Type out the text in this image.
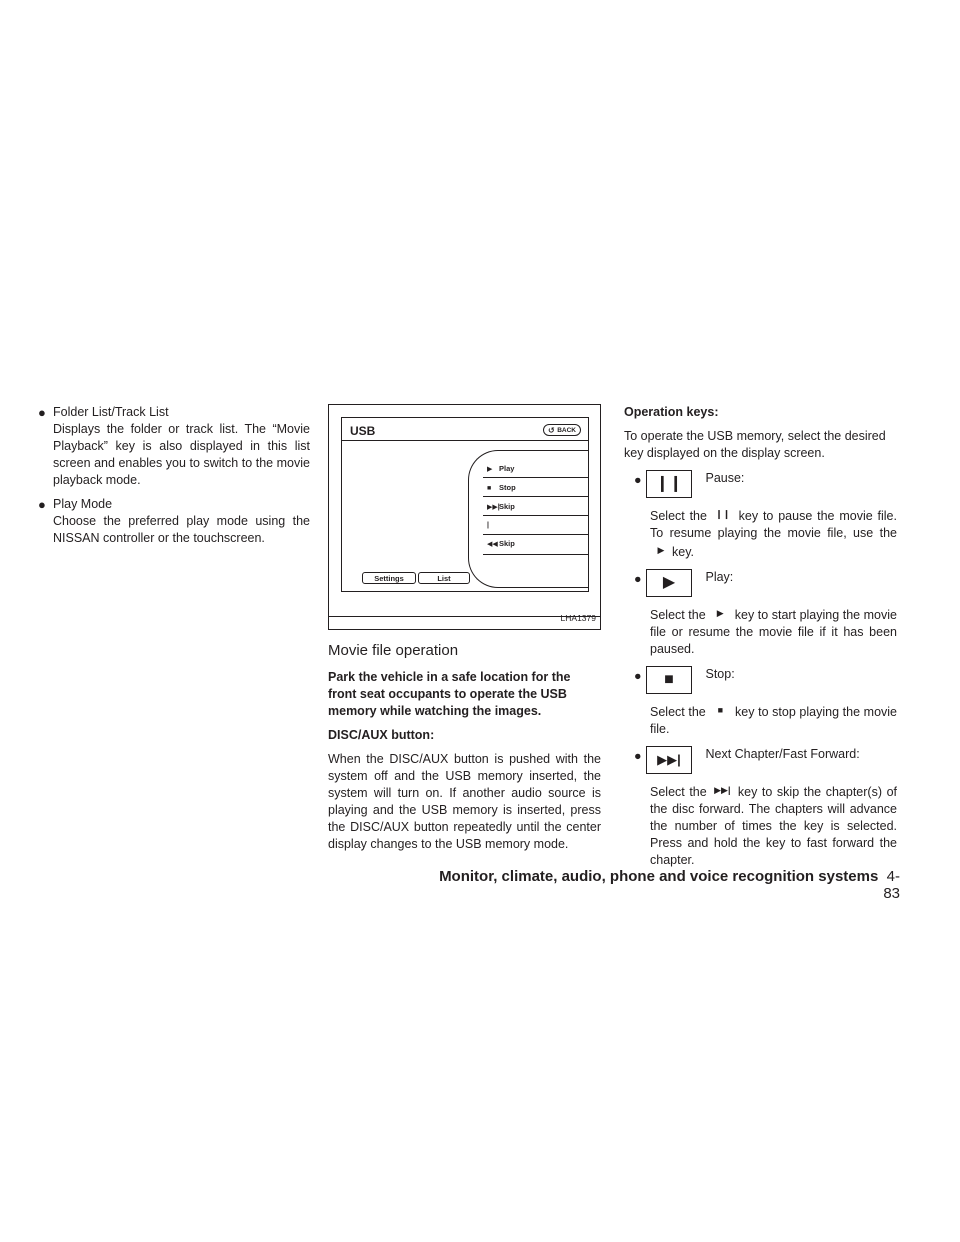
● Folder List/Track List
Displays the folder or track list. The “Movie Playback” key is also displayed in this list screen and enables you to switch to the movie playback mode.
● Play Mode
Choose the preferred play mode using the NISSAN controller or the touchscreen.
USB	↺ BACK
▶ Play
■ Stop
▶▶|Skip
|◀◀Skip
Settings	List
LHA1379
Movie file operation

Park the vehicle in a safe location for the front seat occupants to operate the USB memory while watching the images.

DISC/AUX button:

When the DISC/AUX button is pushed with the system off and the USB memory inserted, the system will turn on. If another audio source is playing and the USB memory is inserted, press the DISC/AUX button repeatedly until the center display changes to the USB memory mode.

Operation keys:

To operate the USB memory, select the desired key displayed on the display screen.

● ❙❙	Pause:

Select the ❙❙ key to pause the movie file. To resume playing the movie file, use the ▶ key.

●	▶	Play:

Select the ▶ key to start playing the movie file or resume the movie file if it has been paused.

●	■	Stop:

Select the ■ key to stop playing the movie file.

●	▶▶|	Next Chapter/Fast Forward:

Select the ▶▶| key to skip the chapter(s) of the disc forward. The chapters will advance the number of times the key is selected. Press and hold the key to fast forward the chapter.

Monitor, climate, audio, phone and voice recognition systems 4-83
